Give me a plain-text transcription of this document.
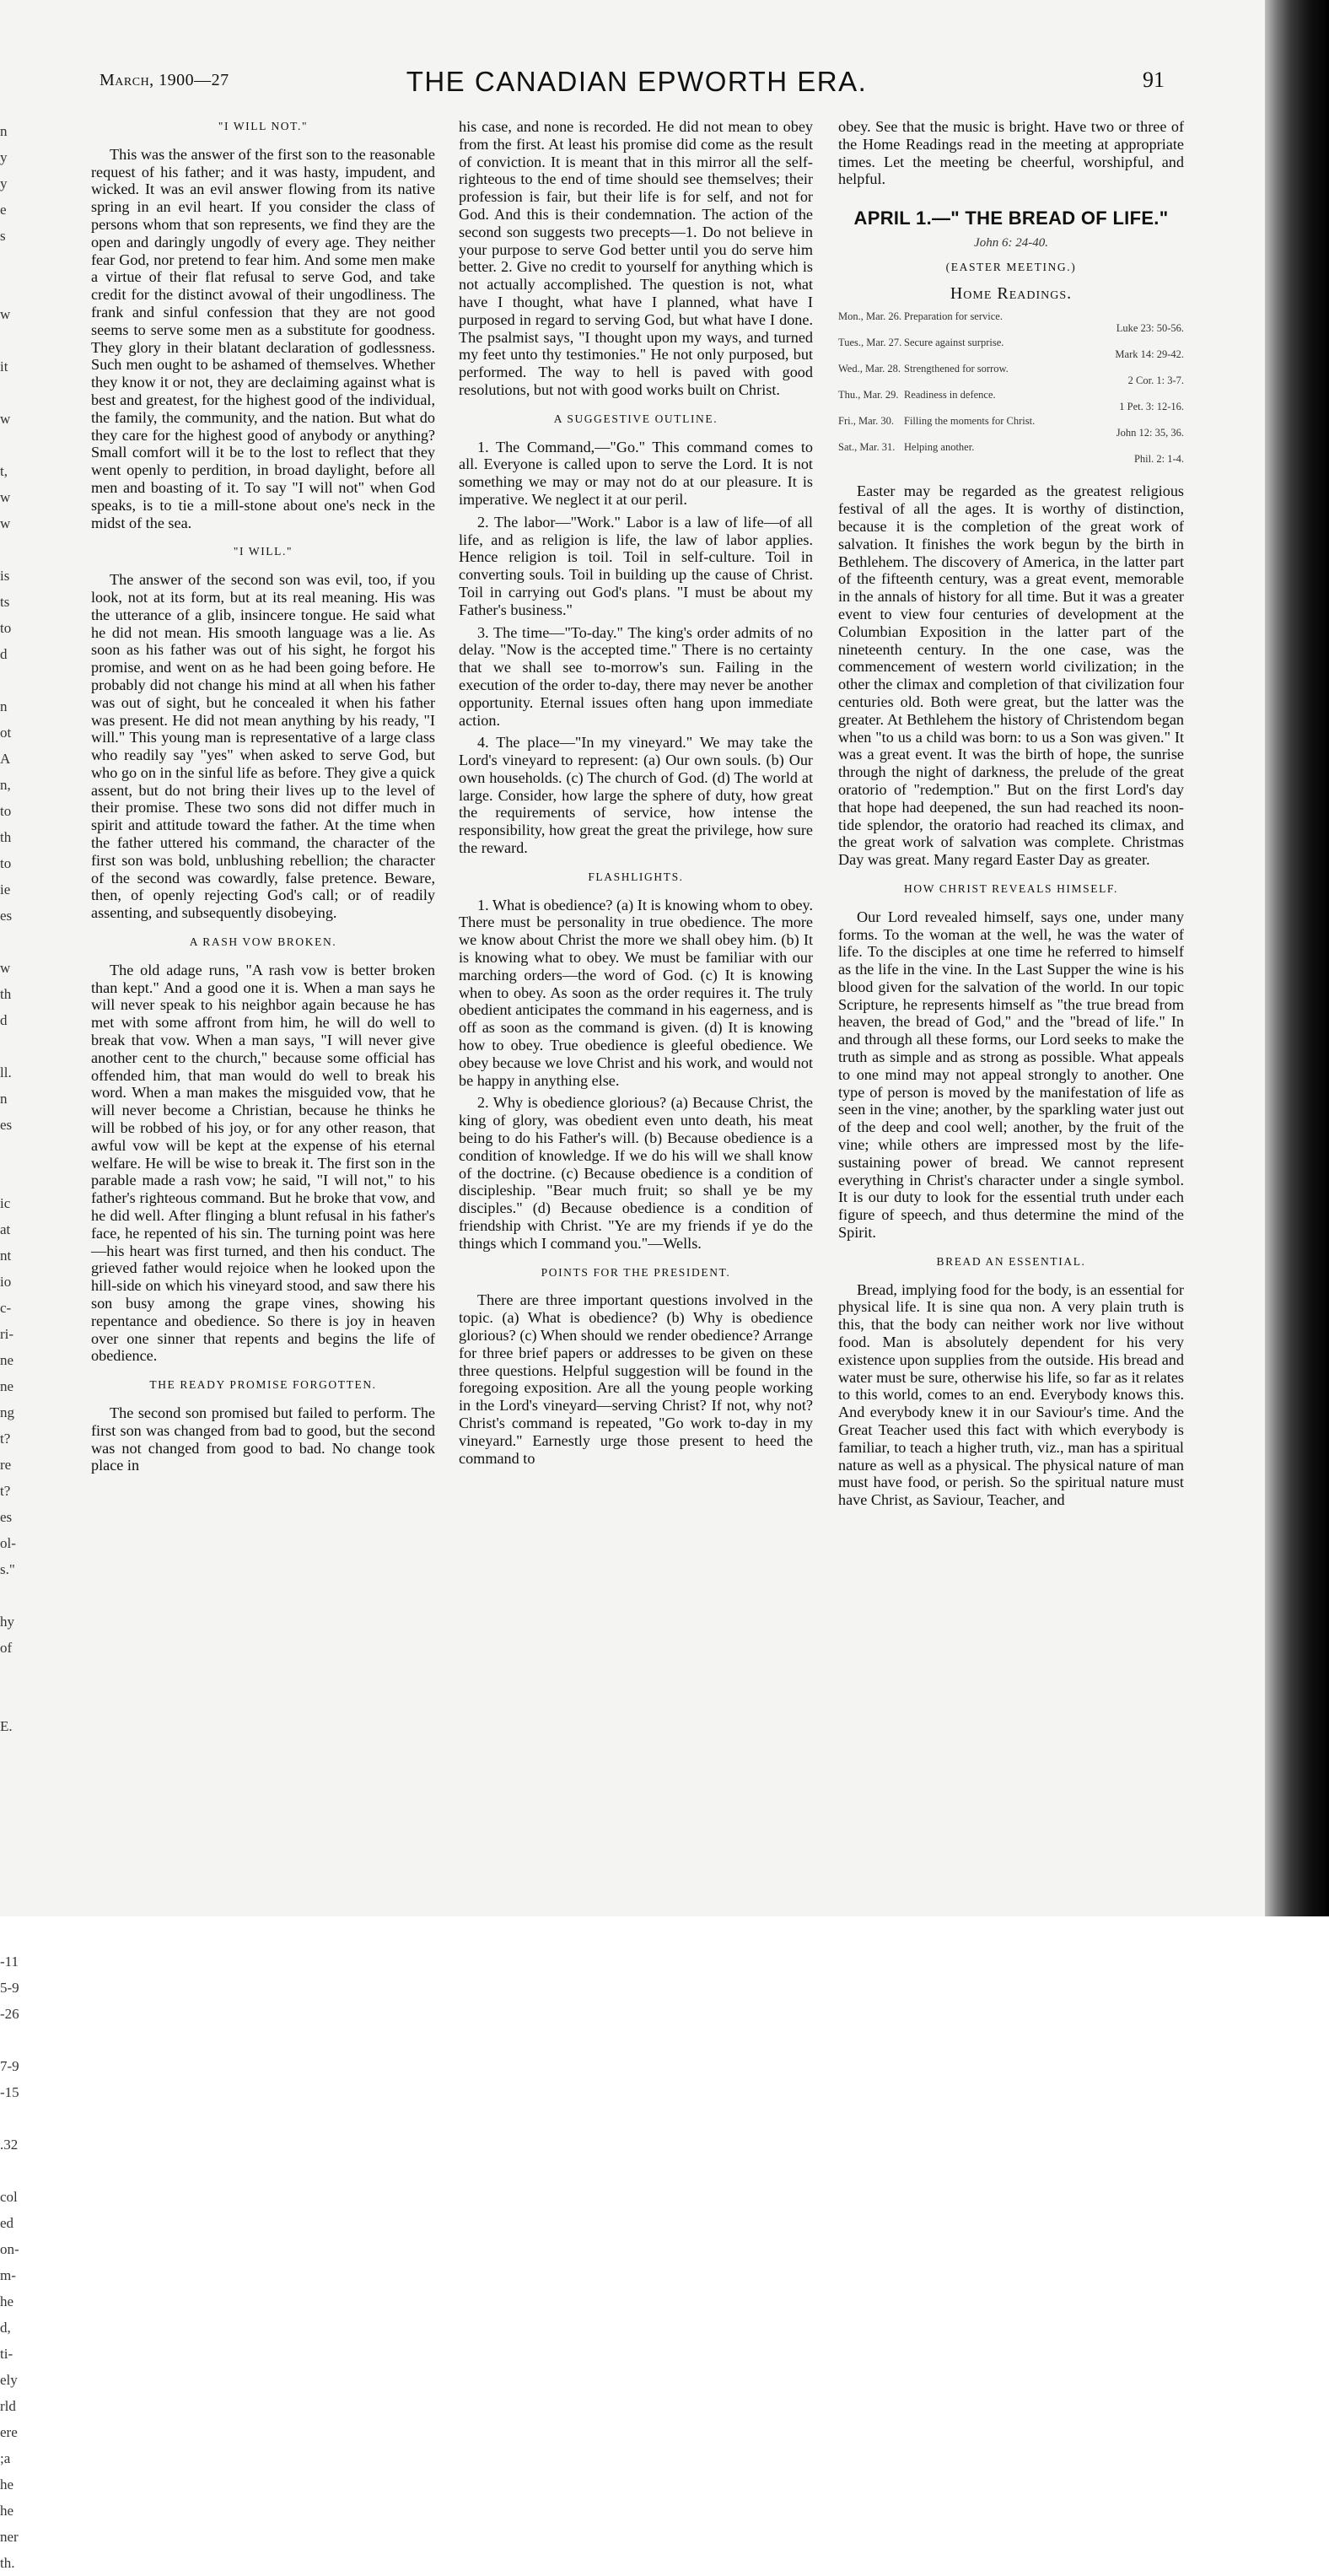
n
y
y
e
s
w
it
w
t,
w
w
is
ts
to
d
n
ot
A
n,
to
th
to
ie
es
w
th
d
ll.
n
es
ic
at
nt
io
c-
ri-
ne
ne
ng
t?
re
t?
es
ol-
s."
hy
of
E.
-11
5-9
-26
7-9
-15
.32
col
ed
on-
m-
he
d,
ti-
ely
rld
ere
;a
he
he
ner
th.
March, 1900—27	THE CANADIAN EPWORTH ERA.	91
"I WILL NOT."

This was the answer of the first son to the reasonable request of his father; and it was hasty, impudent, and wicked. It was an evil answer flowing from its native spring in an evil heart. If you consider the class of persons whom that son represents, we find they are the open and daringly ungodly of every age. They neither fear God, nor pretend to fear him. And some men make a virtue of their flat refusal to serve God, and take credit for the distinct avowal of their ungodliness. The frank and sinful confession that they are not good seems to serve some men as a substitute for goodness. They glory in their blatant declaration of godlessness. Such men ought to be ashamed of themselves. Whether they know it or not, they are declaiming against what is best and greatest, for the highest good of the individual, the family, the community, and the nation. But what do they care for the highest good of anybody or anything? Small comfort will it be to the lost to reflect that they went openly to perdition, in broad daylight, before all men and boasting of it. To say "I will not" when God speaks, is to tie a mill-stone about one's neck in the midst of the sea.

"I WILL."

The answer of the second son was evil, too, if you look, not at its form, but at its real meaning. His was the utterance of a glib, insincere tongue. He said what he did not mean. His smooth language was a lie. As soon as his father was out of his sight, he forgot his promise, and went on as he had been going before. He probably did not change his mind at all when his father was out of sight, but he concealed it when his father was present. He did not mean anything by his ready, "I will." This young man is representative of a large class who readily say "yes" when asked to serve God, but who go on in the sinful life as before. They give a quick assent, but do not bring their lives up to the level of their promise. These two sons did not differ much in spirit and attitude toward the father. At the time when the father uttered his command, the character of the first son was bold, unblushing rebellion; the character of the second was cowardly, false pretence. Beware, then, of openly rejecting God's call; or of readily assenting, and subsequently disobeying.

A RASH VOW BROKEN.

The old adage runs, "A rash vow is better broken than kept." And a good one it is. When a man says he will never speak to his neighbor again because he has met with some affront from him, he will do well to break that vow. When a man says, "I will never give another cent to the church," because some official has offended him, that man would do well to break his word. When a man makes the misguided vow, that he will never become a Christian, because he thinks he will be robbed of his joy, or for any other reason, that awful vow will be kept at the expense of his eternal welfare. He will be wise to break it. The first son in the parable made a rash vow; he said, "I will not," to his father's righteous command. But he broke that vow, and he did well. After flinging a blunt refusal in his father's face, he repented of his sin. The turning point was here—his heart was first turned, and then his conduct. The grieved father would rejoice when he looked upon the hill-side on which his vineyard stood, and saw there his son busy among the grape vines, showing his repentance and obedience. So there is joy in heaven over one sinner that repents and begins the life of obedience.

THE READY PROMISE FORGOTTEN.

The second son promised but failed to perform. The first son was changed from bad to good, but the second was not changed from good to bad. No change took place in

his case, and none is recorded. He did not mean to obey from the first. At least his promise did come as the result of conviction. It is meant that in this mirror all the self-righteous to the end of time should see themselves; their profession is fair, but their life is for self, and not for God. And this is their condemnation. The action of the second son suggests two precepts—1. Do not believe in your purpose to serve God better until you do serve him better. 2. Give no credit to yourself for anything which is not actually accomplished. The question is not, what have I thought, what have I planned, what have I purposed in regard to serving God, but what have I done. The psalmist says, "I thought upon my ways, and turned my feet unto thy testimonies." He not only purposed, but performed. The way to hell is paved with good resolutions, but not with good works built on Christ.

A SUGGESTIVE OUTLINE.

1. The Command,—"Go." This command comes to all. Everyone is called upon to serve the Lord. It is not something we may or may not do at our pleasure. It is imperative. We neglect it at our peril.

2. The labor—"Work." Labor is a law of life—of all life, and as religion is life, the law of labor applies. Hence religion is toil. Toil in self-culture. Toil in converting souls. Toil in building up the cause of Christ. Toil in carrying out God's plans. "I must be about my Father's business."

3. The time—"To-day." The king's order admits of no delay. "Now is the accepted time." There is no certainty that we shall see to-morrow's sun. Failing in the execution of the order to-day, there may never be another opportunity. Eternal issues often hang upon immediate action.

4. The place—"In my vineyard." We may take the Lord's vineyard to represent: (a) Our own souls. (b) Our own households. (c) The church of God. (d) The world at large. Consider, how large the sphere of duty, how great the requirements of service, how intense the responsibility, how great the great the privilege, how sure the reward.

FLASHLIGHTS.

1. What is obedience? (a) It is knowing whom to obey. There must be personality in true obedience. The more we know about Christ the more we shall obey him. (b) It is knowing what to obey. We must be familiar with our marching orders—the word of God. (c) It is knowing when to obey. As soon as the order requires it. The truly obedient anticipates the command in his eagerness, and is off as soon as the command is given. (d) It is knowing how to obey. True obedience is gleeful obedience. We obey because we love Christ and his work, and would not be happy in anything else.

2. Why is obedience glorious? (a) Because Christ, the king of glory, was obedient even unto death, his meat being to do his Father's will. (b) Because obedience is a condition of knowledge. If we do his will we shall know of the doctrine. (c) Because obedience is a condition of discipleship. "Bear much fruit; so shall ye be my disciples." (d) Because obedience is a condition of friendship with Christ. "Ye are my friends if ye do the things which I command you."—Wells.

POINTS FOR THE PRESIDENT.

There are three important questions involved in the topic. (a) What is obedience? (b) Why is obedience glorious? (c) When should we render obedience? Arrange for three brief papers or addresses to be given on these three questions. Helpful suggestion will be found in the foregoing exposition. Are all the young people working in the Lord's vineyard—serving Christ? If not, why not? Christ's command is repeated, "Go work to-day in my vineyard." Earnestly urge those present to heed the command to

obey. See that the music is bright. Have two or three of the Home Readings read in the meeting at appropriate times. Let the meeting be cheerful, worshipful, and helpful.

APRIL 1.—" THE BREAD OF LIFE."
John 6: 24-40.
(EASTER MEETING.)
Home Readings.
Mon., Mar. 26.	Preparation for service.
Luke 23: 50-56.

Tues., Mar. 27.	Secure against surprise.
Mark 14: 29-42.

Wed., Mar. 28.	Strengthened for sorrow.
2 Cor. 1: 3-7.

Thu., Mar. 29.	Readiness in defence.
1 Pet. 3: 12-16.

Fri., Mar. 30.	Filling the moments for Christ.
John 12: 35, 36.

Sat., Mar. 31.	Helping another.
Phil. 2: 1-4.

Easter may be regarded as the greatest religious festival of all the ages. It is worthy of distinction, because it is the completion of the great work of salvation. It finishes the work begun by the birth in Bethlehem. The discovery of America, in the latter part of the fifteenth century, was a great event, memorable in the annals of history for all time. But it was a greater event to view four centuries of development at the Columbian Exposition in the latter part of the nineteenth century. In the one case, was the commencement of western world civilization; in the other the climax and completion of that civilization four centuries old. Both were great, but the latter was the greater. At Bethlehem the history of Christendom began when "to us a child was born: to us a Son was given." It was a great event. It was the birth of hope, the sunrise through the night of darkness, the prelude of the great oratorio of "redemption." But on the first Lord's day that hope had deepened, the sun had reached its noon-tide splendor, the oratorio had reached its climax, and the great work of salvation was complete. Christmas Day was great. Many regard Easter Day as greater.

HOW CHRIST REVEALS HIMSELF.

Our Lord revealed himself, says one, under many forms. To the woman at the well, he was the water of life. To the disciples at one time he referred to himself as the life in the vine. In the Last Supper the wine is his blood given for the salvation of the world. In our topic Scripture, he represents himself as "the true bread from heaven, the bread of God," and the "bread of life." In and through all these forms, our Lord seeks to make the truth as simple and as strong as possible. What appeals to one mind may not appeal strongly to another. One type of person is moved by the manifestation of life as seen in the vine; another, by the sparkling water just out of the deep and cool well; another, by the fruit of the vine; while others are impressed most by the life-sustaining power of bread. We cannot represent everything in Christ's character under a single symbol. It is our duty to look for the essential truth under each figure of speech, and thus determine the mind of the Spirit.

BREAD AN ESSENTIAL.

Bread, implying food for the body, is an essential for physical life. It is sine qua non. A very plain truth is this, that the body can neither work nor live without food. Man is absolutely dependent for his very existence upon supplies from the outside. His bread and water must be sure, otherwise his life, so far as it relates to this world, comes to an end. Everybody knows this. And everybody knew it in our Saviour's time. And the Great Teacher used this fact with which everybody is familiar, to teach a higher truth, viz., man has a spiritual nature as well as a physical. The physical nature of man must have food, or perish. So the spiritual nature must have Christ, as Saviour, Teacher, and
